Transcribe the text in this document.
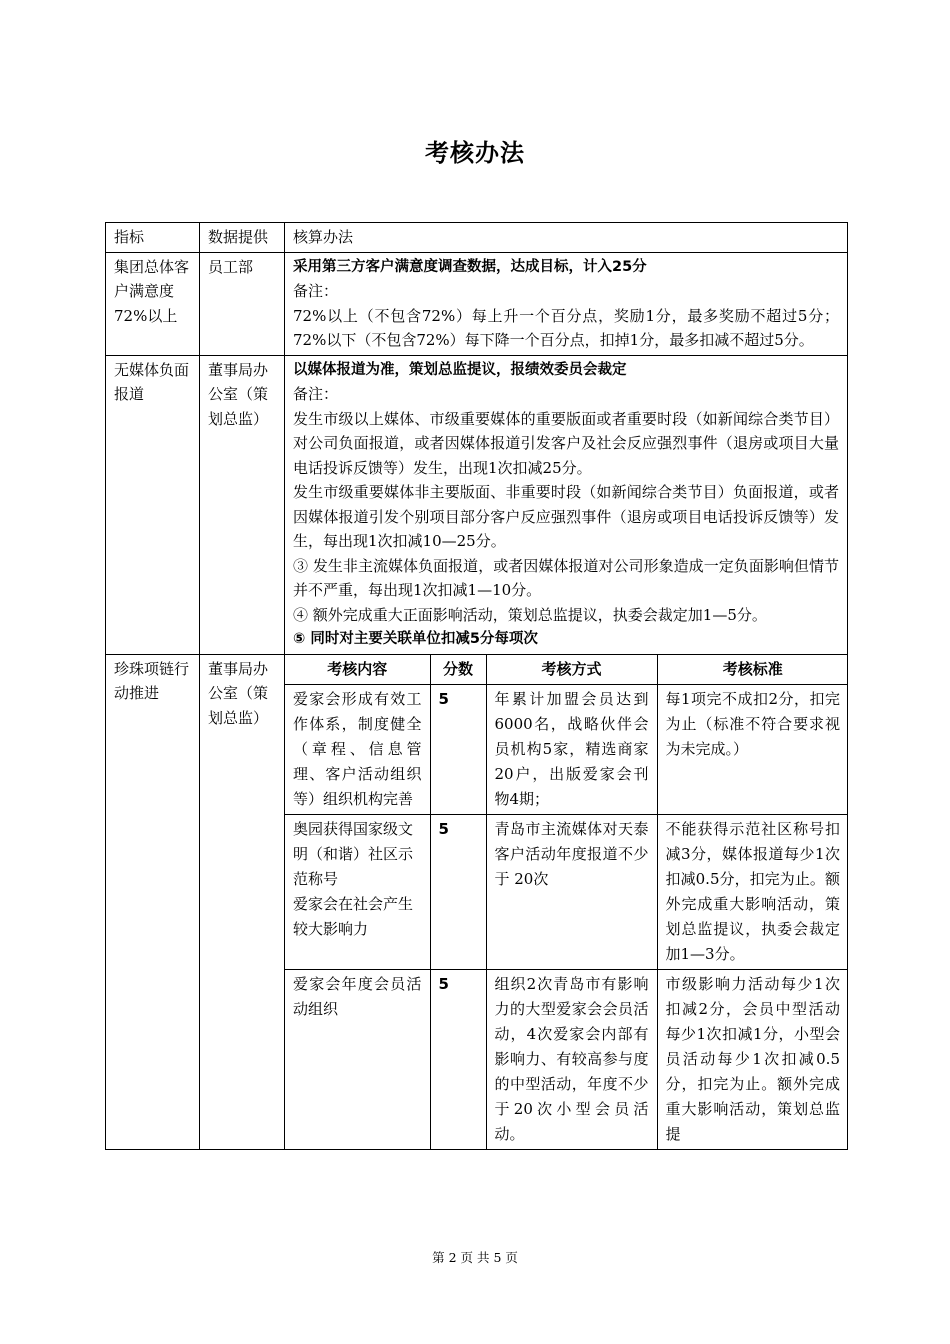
考核办法
指标	数据提供	核算办法
集团总体客户满意度72%以上	员工部	采用第三方客户满意度调查数据，达成目标，计入25分
备注：
72%以上（不包含72%）每上升一个百分点，奖励1分，最多奖励不超过5分；72%以下（不包含72%）每下降一个百分点，扣掉1分，最多扣减不超过5分。

无媒体负面报道	董事局办公室（策划总监）	
以媒体报道为准，策划总监提议，报绩效委员会裁定
备注：
发生市级以上媒体、市级重要媒体的重要版面或者重要时段（如新闻综合类节目）对公司负面报道，或者因媒体报道引发客户及社会反应强烈事件（退房或项目大量电话投诉反馈等）发生，出现1次扣减25分。
发生市级重要媒体非主要版面、非重要时段（如新闻综合类节目）负面报道，或者因媒体报道引发个别项目部分客户反应强烈事件（退房或项目电话投诉反馈等）发生，每出现1次扣减10—25分。
③ 发生非主流媒体负面报道，或者因媒体报道对公司形象造成一定负面影响但情节并不严重，每出现1次扣减1—10分。
④ 额外完成重大正面影响活动，策划总监提议，执委会裁定加1—5分。
⑤ 同时对主要关联单位扣减5分每项次

珍珠项链行动推进	董事局办公室（策划总监）	
考核内容	分数	考核方式	考核标准
爱家会形成有效工作体系，制度健全（章程、信息管理、客户活动组织等）组织机构完善	5	年累计加盟会员达到6000名，战略伙伴会员机构5家，精选商家20户，出版爱家会刊物4期；	每1项完不成扣2分，扣完为止（标准不符合要求视为未完成。）
奥园获得国家级文明（和谐）社区示范称号
爱家会在社会产生较大影响力	5	青岛市主流媒体对天泰客户活动年度报道不少于 20次	不能获得示范社区称号扣减3分，媒体报道每少1次扣减0.5分，扣完为止。额外完成重大影响活动，策划总监提议，执委会裁定加1—3分。
爱家会年度会员活动组织	5	组织2次青岛市有影响力的大型爱家会会员活动，4次爱家会内部有影响力、有较高参与度的中型活动，年度不少于20次小型会员活动。	市级影响力活动每少1次扣减2分，会员中型活动每少1次扣减1分，小型会员活动每少1次扣减0.5分，扣完为止。额外完成重大影响活动，策划总监提
第 2 页 共 5 页
